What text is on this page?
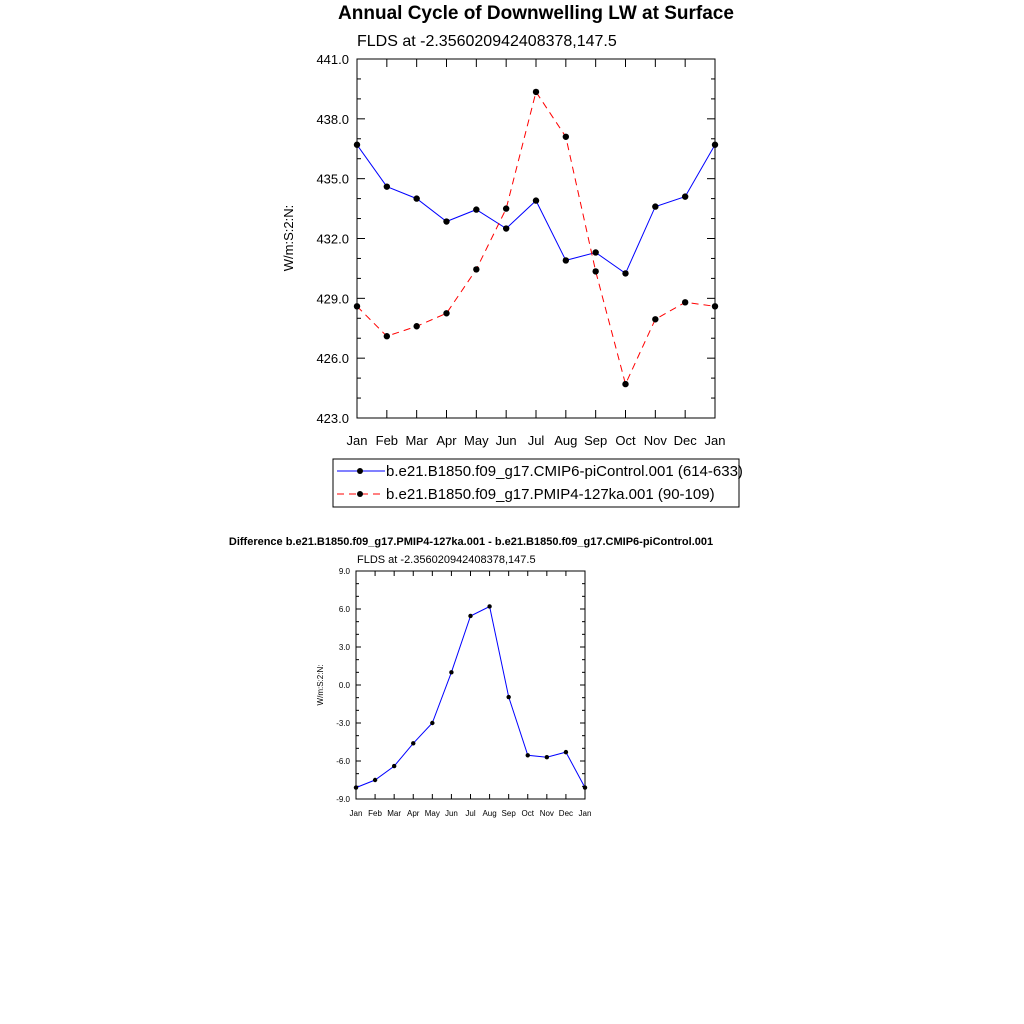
Annual Cycle of Downwelling LW at Surface
FLDS at -2.356020942408378,147.5
W/m:S:2:N:
423.0
426.0
429.0
432.0
435.0
438.0
441.0
Jan Feb Mar Apr May Jun Jul Aug Sep Oct Nov Dec Jan
b.e21.B1850.f09_g17.CMIP6-piControl.001 (614-633)
b.e21.B1850.f09_g17.PMIP4-127ka.001 (90-109)
Difference b.e21.B1850.f09_g17.PMIP4-127ka.001 - b.e21.B1850.f09_g17.CMIP6-piControl.001
FLDS at -2.356020942408378,147.5
W/m:S:2:N:
-9.0
-6.0
-3.0
0.0
3.0
6.0
9.0
Jan Feb Mar Apr May Jun Jul Aug Sep Oct Nov Dec Jan
